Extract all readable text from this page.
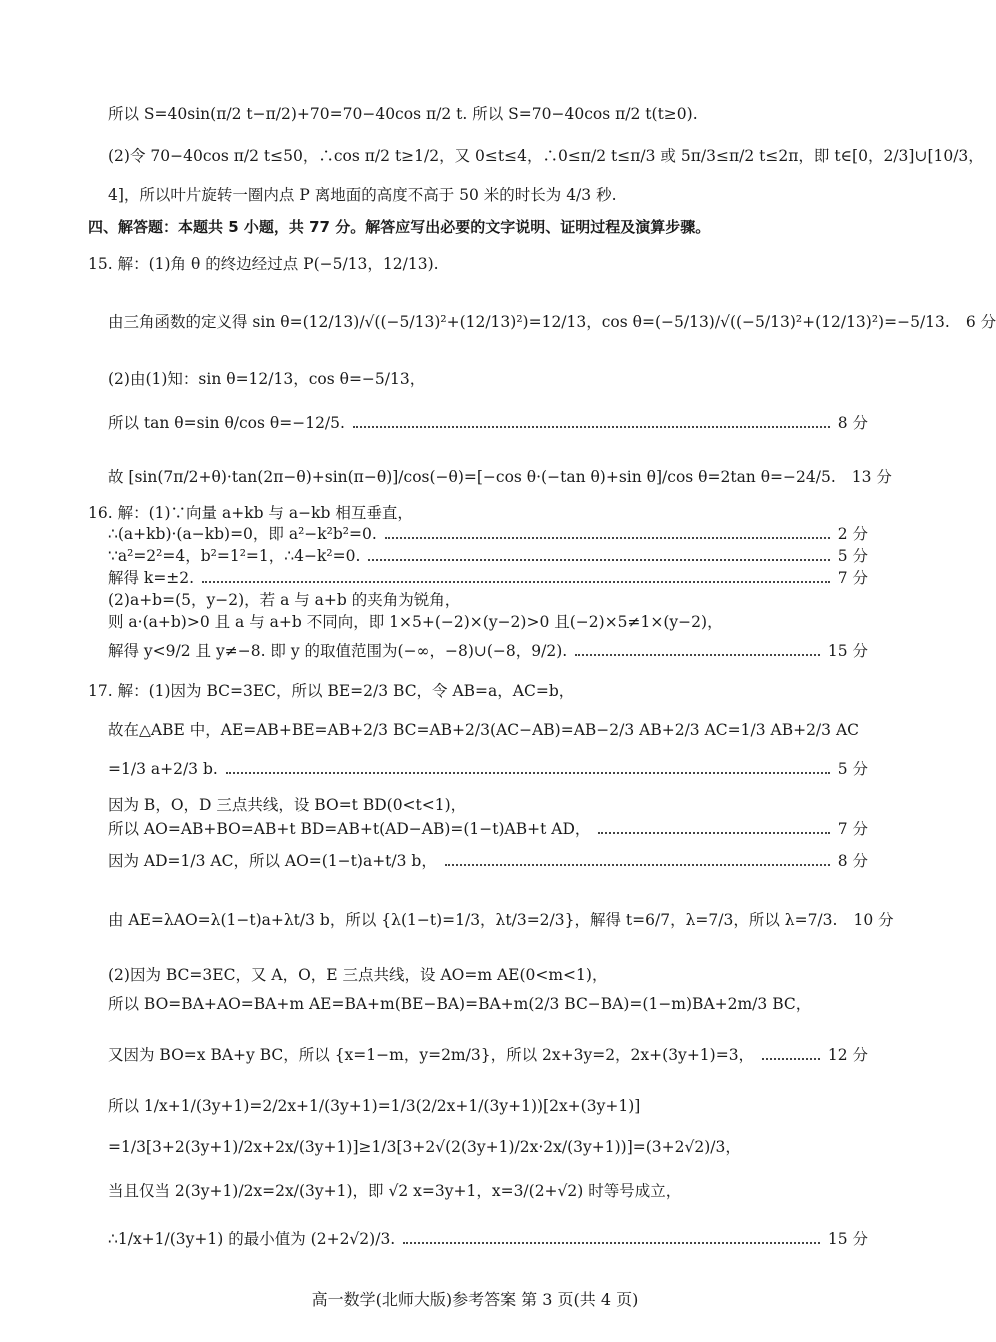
所以 S=40sin(π/2 t−π/2)+70=70−40cos π/2 t. 所以 S=70−40cos π/2 t(t≥0).
(2)令 70−40cos π/2 t≤50，∴cos π/2 t≥1/2，又 0≤t≤4，∴0≤π/2 t≤π/3 或 5π/3≤π/2 t≤2π，即 t∈[0，2/3]∪[10/3，
4]，所以叶片旋转一圈内点 P 离地面的高度不高于 50 米的时长为 4/3 秒.
四、解答题：本题共 5 小题，共 77 分。解答应写出必要的文字说明、证明过程及演算步骤。
15. 解：(1)角 θ 的终边经过点 P(−5/13，12/13).
由三角函数的定义得 sin θ=(12/13)/√((−5/13)²+(12/13)²)=12/13，cos θ=(−5/13)/√((−5/13)²+(12/13)²)=−5/13. 6 分
(2)由(1)知：sin θ=12/13，cos θ=−5/13，
所以 tan θ=sin θ/cos θ=−12/5.	8 分
故 [sin(7π/2+θ)·tan(2π−θ)+sin(π−θ)]/cos(−θ)=[−cos θ·(−tan θ)+sin θ]/cos θ=2tan θ=−24/5. 13 分
16. 解：(1)∵向量 a+kb 与 a−kb 相互垂直，
∴(a+kb)·(a−kb)=0，即 a²−k²b²=0.	2 分
∵a²=2²=4，b²=1²=1，∴4−k²=0.	5 分
解得 k=±2.	7 分
(2)a+b=(5，y−2)，若 a 与 a+b 的夹角为锐角，
则 a·(a+b)>0 且 a 与 a+b 不同向，即 1×5+(−2)×(y−2)>0 且(−2)×5≠1×(y−2)，
解得 y<9/2 且 y≠−8. 即 y 的取值范围为(−∞，−8)∪(−8，9/2).	15 分
17. 解：(1)因为 BC=3EC，所以 BE=2/3 BC，令 AB=a，AC=b，
故在△ABE 中，AE=AB+BE=AB+2/3 BC=AB+2/3(AC−AB)=AB−2/3 AB+2/3 AC=1/3 AB+2/3 AC
=1/3 a+2/3 b.	5 分
因为 B，O，D 三点共线，设 BO=t BD(0<t<1)，
所以 AO=AB+BO=AB+t BD=AB+t(AD−AB)=(1−t)AB+t AD，	7 分
因为 AD=1/3 AC，所以 AO=(1−t)a+t/3 b，	8 分
由 AE=λAO=λ(1−t)a+λt/3 b，所以 {λ(1−t)=1/3，λt/3=2/3}，解得 t=6/7，λ=7/3，所以 λ=7/3. 10 分
(2)因为 BC=3EC，又 A，O，E 三点共线，设 AO=m AE(0<m<1)，
所以 BO=BA+AO=BA+m AE=BA+m(BE−BA)=BA+m(2/3 BC−BA)=(1−m)BA+2m/3 BC，
又因为 BO=x BA+y BC，所以 {x=1−m，y=2m/3}，所以 2x+3y=2，2x+(3y+1)=3，	12 分
所以 1/x+1/(3y+1)=2/2x+1/(3y+1)=1/3(2/2x+1/(3y+1))[2x+(3y+1)]
=1/3[3+2(3y+1)/2x+2x/(3y+1)]≥1/3[3+2√(2(3y+1)/2x·2x/(3y+1))]=(3+2√2)/3，
当且仅当 2(3y+1)/2x=2x/(3y+1)，即 √2 x=3y+1，x=3/(2+√2) 时等号成立，
∴1/x+1/(3y+1) 的最小值为 (2+2√2)/3.	15 分
高一数学(北师大版)参考答案 第 3 页(共 4 页)
